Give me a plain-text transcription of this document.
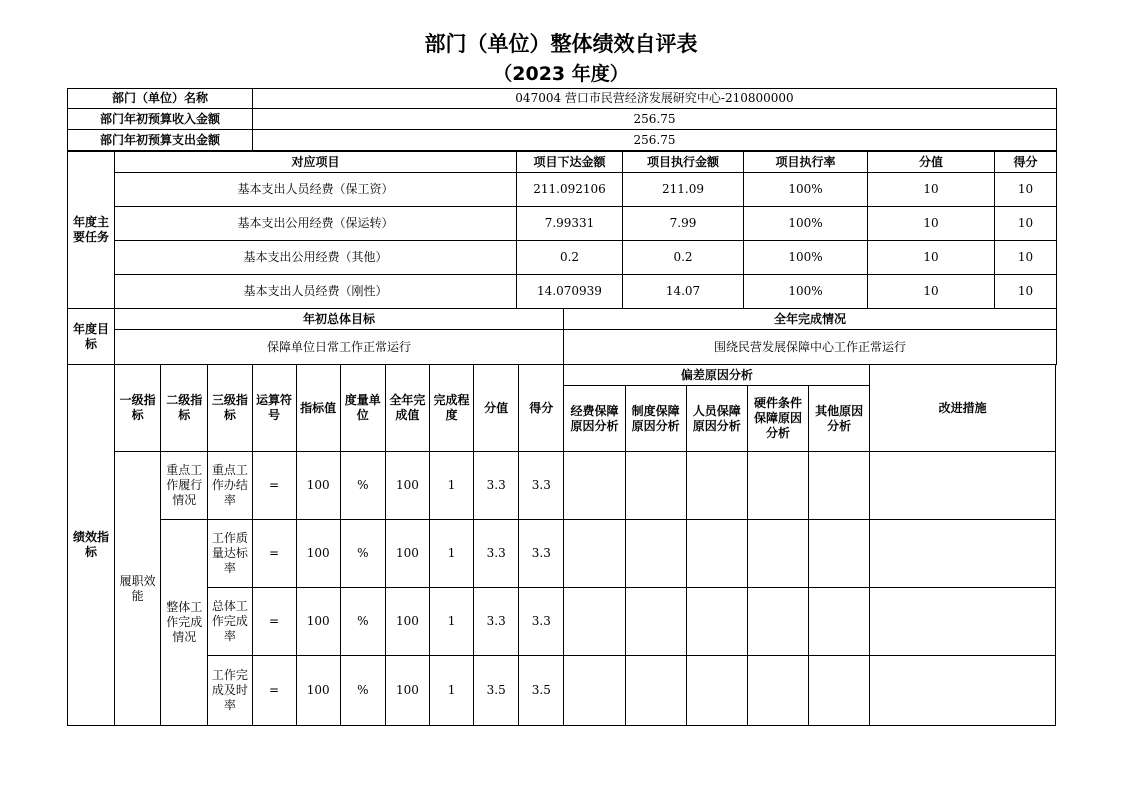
部门（单位）整体绩效自评表
（2023 年度）
部门（单位）名称	047004 营口市民营经济发展研究中心-210800000
部门年初预算收入金额	256.75
部门年初预算支出金额	256.75
年度主要任务	对应项目	项目下达金额	项目执行金额	项目执行率	分值	得分
	基本支出人员经费（保工资）	211.092106	211.09	100%	10	10
	基本支出公用经费（保运转）	7.99331	7.99	100%	10	10
	基本支出公用经费（其他）	0.2	0.2	100%	10	10
	基本支出人员经费（刚性）	14.070939	14.07	100%	10	10
年度目标	年初总体目标	全年完成情况
	保障单位日常工作正常运行	围绕民营发展保障中心工作正常运行
绩效指标	一级指标	二级指标	三级指标	运算符号	指标值	度量单位	全年完成值	完成程度	分值	得分	偏差原因分析					改进措施
											经费保障原因分析	制度保障原因分析	人员保障原因分析	硬件条件保障原因分析	其他原因分析	
	履职效能	重点工作履行情况	重点工作办结率	=	100	%	100	1	3.3	3.3						
		整体工作完成情况	工作质量达标率	=	100	%	100	1	3.3	3.3						
			总体工作完成率	=	100	%	100	1	3.3	3.3						
			工作完成及时率	=	100	%	100	1	3.5	3.5						
